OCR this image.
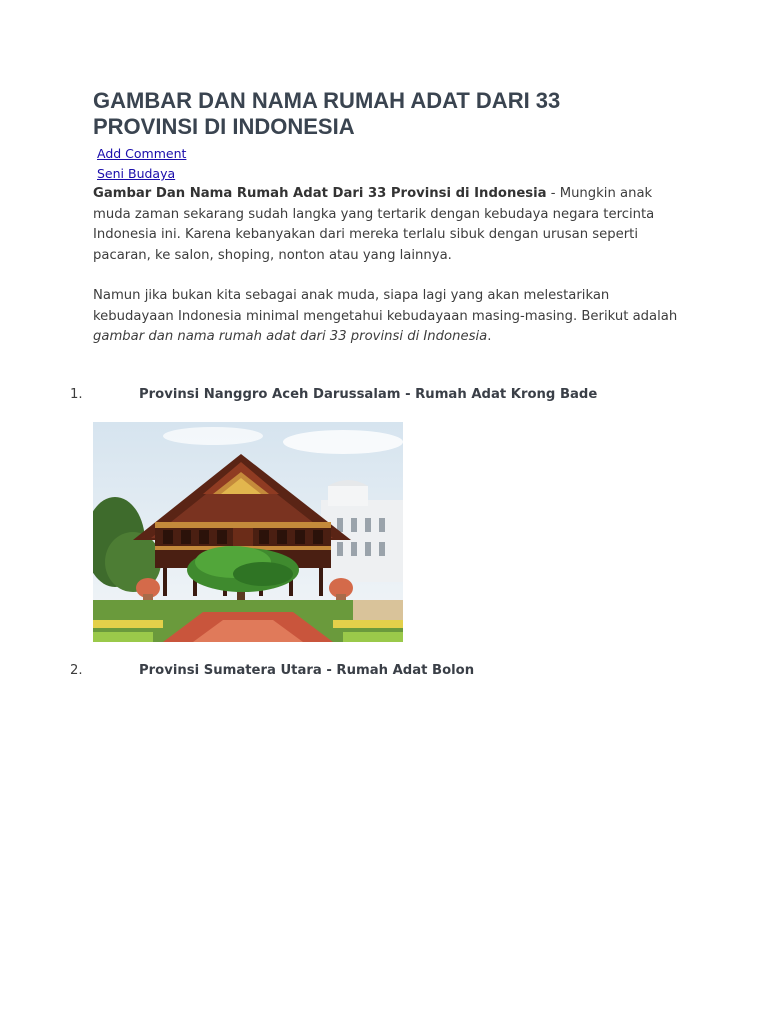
GAMBAR DAN NAMA RUMAH ADAT DARI 33 PROVINSI DI INDONESIA
Add Comment
Seni Budaya

Gambar Dan Nama Rumah Adat Dari 33 Provinsi di Indonesia - Mungkin anak muda zaman sekarang sudah langka yang tertarik dengan kebudaya negara tercinta Indonesia ini. Karena kebanyakan dari mereka terlalu sibuk dengan urusan seperti pacaran, ke salon, shoping, nonton atau yang lainnya.

Namun jika bukan kita sebagai anak muda, siapa lagi yang akan melestarikan kebudayaan Indonesia minimal mengetahui kebudayaan masing-masing. Berikut adalah gambar dan nama rumah adat dari 33 provinsi di Indonesia.

1.	Provinsi Nanggro Aceh Darussalam - Rumah Adat Krong Bade
2.	Provinsi Sumatera Utara - Rumah Adat Bolon
